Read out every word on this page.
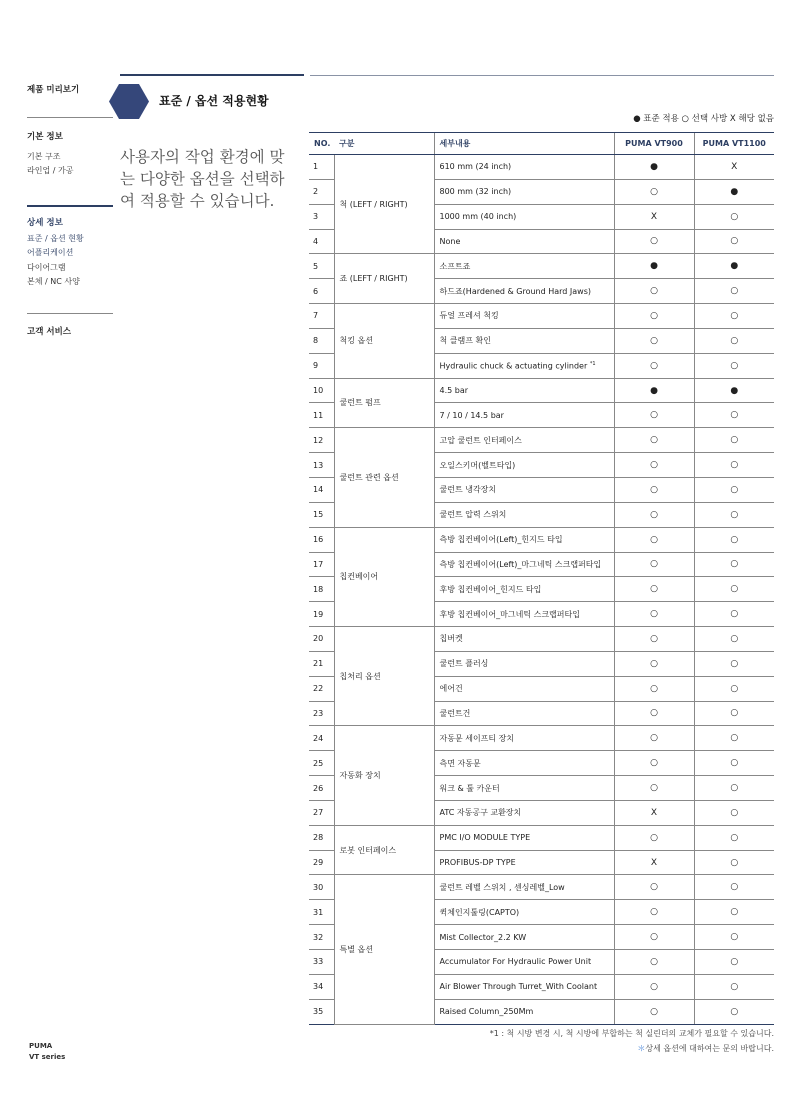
제품 미리보기
기본 정보
기본 구조
라인업 / 가공
상세 정보
표준 / 옵션 현황
어플리케이션
다이어그램
본체 / NC 사양
고객 서비스
PUMA
VT series
표준 / 옵션 적용현황

사용자의 작업 환경에 맞는 다양한 옵션을 선택하여 적용할 수 있습니다.

● 표준 적용 ○ 선택 사방 X 해당 없음
NO.	구분	세부내용	PUMA VT900	PUMA VT1100
1	척 (LEFT / RIGHT)	610 mm (24 inch)	●	X
2		800 mm (32 inch)	○	●
3		1000 mm (40 inch)	X	○
4		None	○	○
5	죠 (LEFT / RIGHT)	소프트죠	●	●
6		하드죠(Hardened & Ground Hard Jaws)	○	○
7	척킹 옵션	듀얼 프레셔 척킹	○	○
8		척 클램프 확인	○	○
9		Hydraulic chuck & actuating cylinder $^{*1}$	○	○
10	쿨런트 펌프	4.5 bar	●	●
11		7 / 10 / 14.5 bar	○	○
12	쿨런트 관련 옵션	고압 쿨런트 인터페이스	○	○
13		오일스키머(벨트타입)	○	○
14		쿨런트 냉각장치	○	○
15		쿨런트 압력 스위치	○	○
16	칩컨베이어	측방 칩컨베이어(Left)_힌지드 타입	○	○
17		측방 칩컨베이어(Left)_마그네틱 스크랩퍼타입	○	○
18		후방 칩컨베이어_힌지드 타입	○	○
19		후방 칩컨베이어_마그네틱 스크랩퍼타입	○	○
20	칩처리 옵션	칩버켓	○	○
21		쿨런트 플러싱	○	○
22		에어건	○	○
23		쿨런트건	○	○
24	자동화 장치	자동문 세이프티 장치	○	○
25		측면 자동문	○	○
26		워크 & 툴 카운터	○	○
27		ATC 자동공구 교환장치	X	○
28	로봇 인터페이스	PMC I/O MODULE TYPE	○	○
29		PROFIBUS-DP TYPE	X	○
30	특별 옵션	쿨런트 레벨 스위치 , 센싱레벨_Low	○	○
31		퀵체인지툴링(CAPTO)	○	○
32		Mist Collector_2.2 KW	○	○
33		Accumulator For Hydraulic Power Unit	○	○
34		Air Blower Through Turret_With Coolant	○	○
35		Raised Column_250Mm	○	○
*1 : 척 시방 변경 시, 척 시방에 부합하는 척 실린더의 교체가 필요할 수 있습니다.
＊상세 옵션에 대하여는 문의 바랍니다.
